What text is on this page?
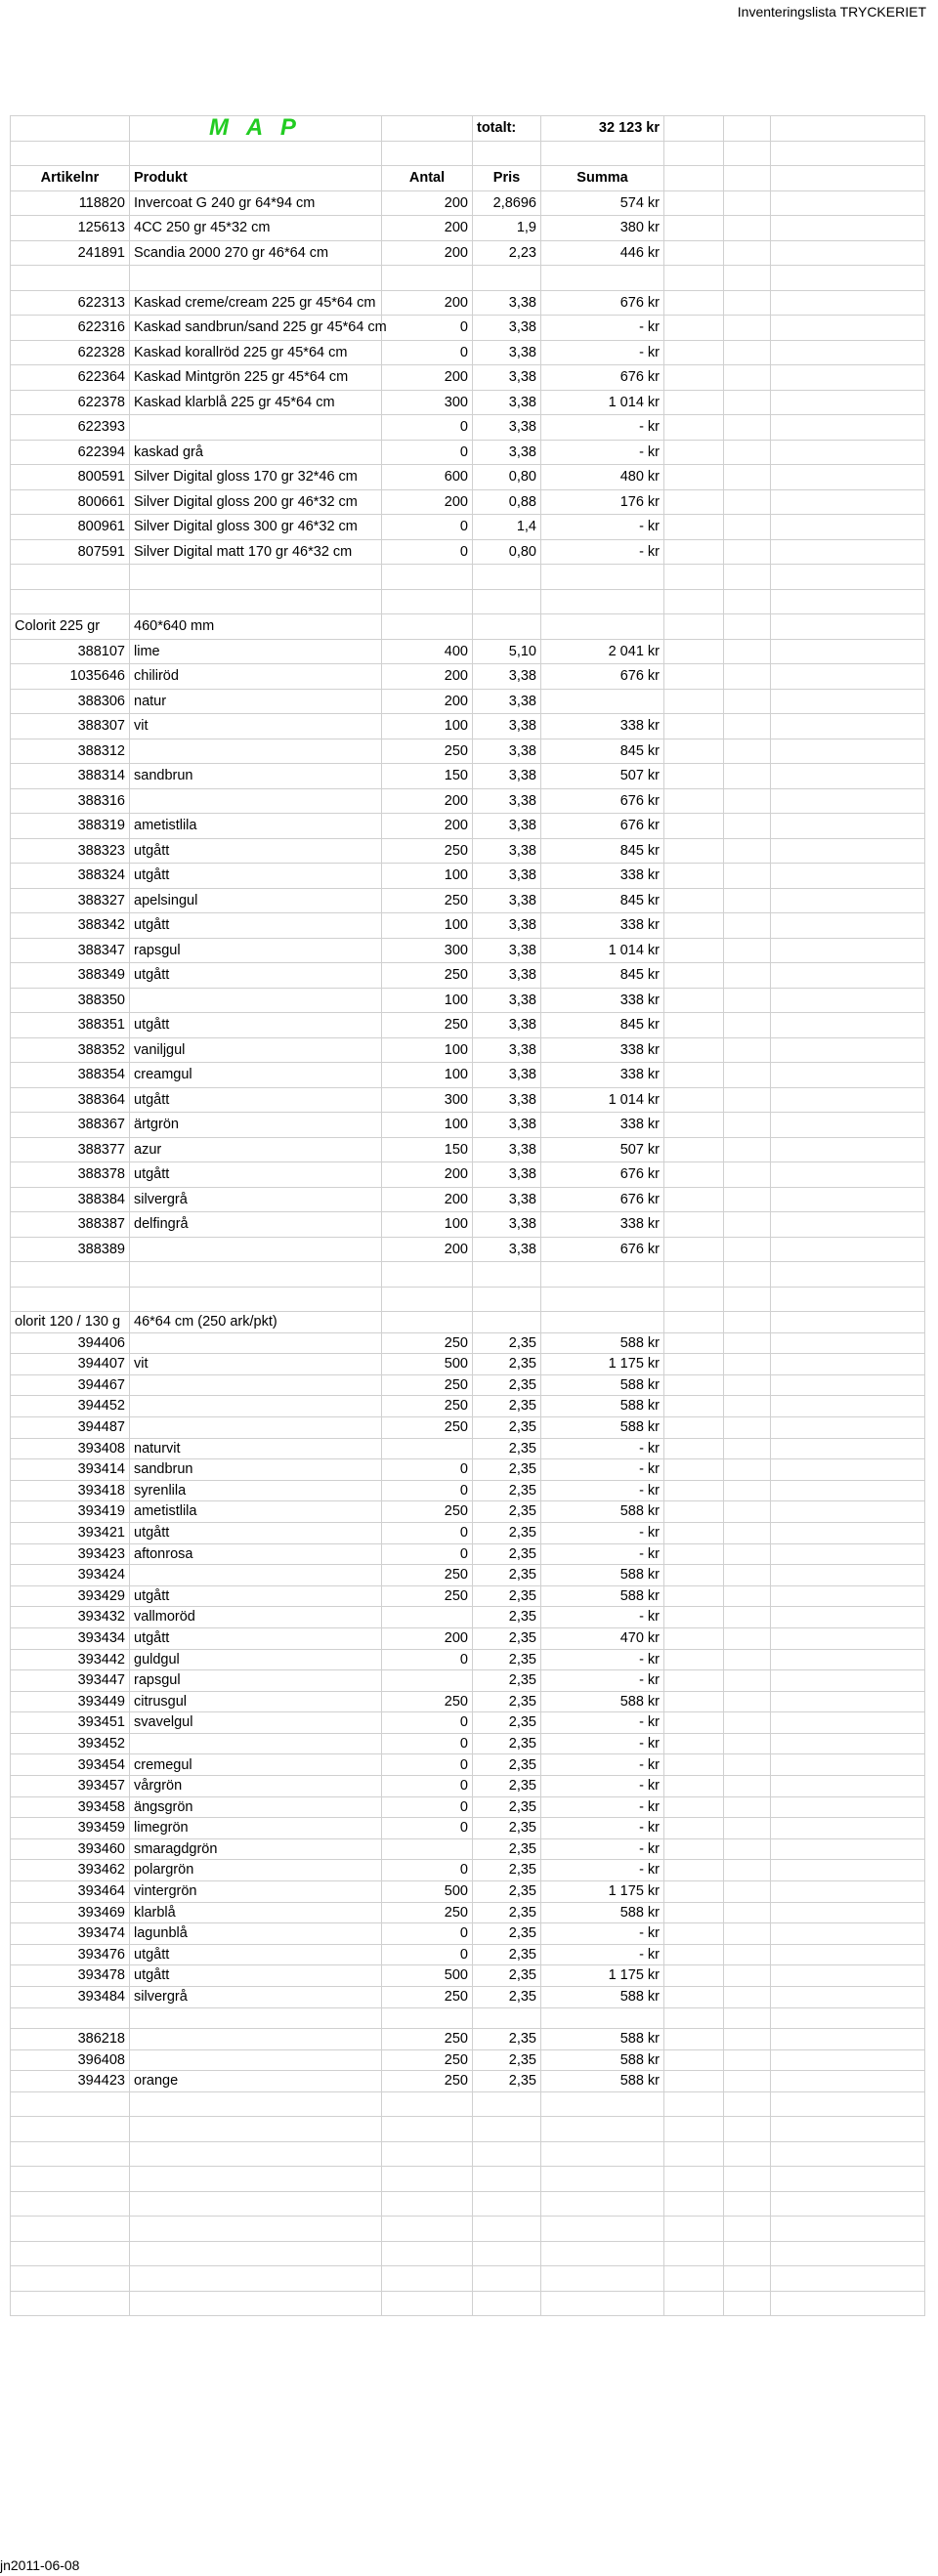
Inventeringslista TRYCKERIET
	M A P		totalt:	32 123 kr			

Artikelnr	Produkt	Antal	Pris	Summa			
118820	Invercoat G 240 gr 64*94 cm	200	2,8696	574 kr			
125613	4CC 250 gr 45*32 cm	200	1,9	380 kr			
241891	Scandia 2000 270 gr 46*64 cm	200	2,23	446 kr			

622313	Kaskad creme/cream 225 gr 45*64 cm	200	3,38	676 kr			
622316	Kaskad sandbrun/sand 225 gr 45*64 cm	0	3,38	- kr			
622328	Kaskad korallröd 225 gr 45*64 cm	0	3,38	- kr			
622364	Kaskad Mintgrön 225 gr 45*64 cm	200	3,38	676 kr			
622378	Kaskad klarblå 225 gr 45*64 cm	300	3,38	1 014 kr			
622393		0	3,38	- kr			
622394	kaskad grå	0	3,38	- kr			
800591	Silver Digital gloss 170 gr 32*46 cm	600	0,80	480 kr			
800661	Silver Digital gloss 200 gr 46*32 cm	200	0,88	176 kr			
800961	Silver Digital gloss 300 gr 46*32 cm	0	1,4	- kr			
807591	Silver Digital matt 170 gr 46*32 cm	0	0,80	- kr			

Colorit 225 gr	460*640 mm						
388107	lime	400	5,10	2 041 kr			
1035646	chiliröd	200	3,38	676 kr			
388306	natur	200	3,38				
388307	vit	100	3,38	338 kr			
388312		250	3,38	845 kr			
388314	sandbrun	150	3,38	507 kr			
388316		200	3,38	676 kr			
388319	ametistlila	200	3,38	676 kr			
388323	utgått	250	3,38	845 kr			
388324	utgått	100	3,38	338 kr			
388327	apelsingul	250	3,38	845 kr			
388342	utgått	100	3,38	338 kr			
388347	rapsgul	300	3,38	1 014 kr			
388349	utgått	250	3,38	845 kr			
388350		100	3,38	338 kr			
388351	utgått	250	3,38	845 kr			
388352	vaniljgul	100	3,38	338 kr			
388354	creamgul	100	3,38	338 kr			
388364	utgått	300	3,38	1 014 kr			
388367	ärtgrön	100	3,38	338 kr			
388377	azur	150	3,38	507 kr			
388378	utgått	200	3,38	676 kr			
388384	silvergrå	200	3,38	676 kr			
388387	delfingrå	100	3,38	338 kr			
388389		200	3,38	676 kr			

olorit 120 / 130 g	46*64 cm (250 ark/pkt)						
394406		250	2,35	588 kr			
394407	vit	500	2,35	1 175 kr			
394467		250	2,35	588 kr			
394452		250	2,35	588 kr			
394487		250	2,35	588 kr			
393408	naturvit		2,35	- kr			
393414	sandbrun	0	2,35	- kr			
393418	syrenlila	0	2,35	- kr			
393419	ametistlila	250	2,35	588 kr			
393421	utgått	0	2,35	- kr			
393423	aftonrosa	0	2,35	- kr			
393424		250	2,35	588 kr			
393429	utgått	250	2,35	588 kr			
393432	vallmoröd		2,35	- kr			
393434	utgått	200	2,35	470 kr			
393442	guldgul	0	2,35	- kr			
393447	rapsgul		2,35	- kr			
393449	citrusgul	250	2,35	588 kr			
393451	svavelgul	0	2,35	- kr			
393452		0	2,35	- kr			
393454	cremegul	0	2,35	- kr			
393457	vårgrön	0	2,35	- kr			
393458	ängsgrön	0	2,35	- kr			
393459	limegrön	0	2,35	- kr			
393460	smaragdgrön		2,35	- kr			
393462	polargrön	0	2,35	- kr			
393464	vintergrön	500	2,35	1 175 kr			
393469	klarblå	250	2,35	588 kr			
393474	lagunblå	0	2,35	- kr			
393476	utgått	0	2,35	- kr			
393478	utgått	500	2,35	1 175 kr			
393484	silvergrå	250	2,35	588 kr			

386218		250	2,35	588 kr			
396408		250	2,35	588 kr			
394423	orange	250	2,35	588 kr			

jn2011-06-08
